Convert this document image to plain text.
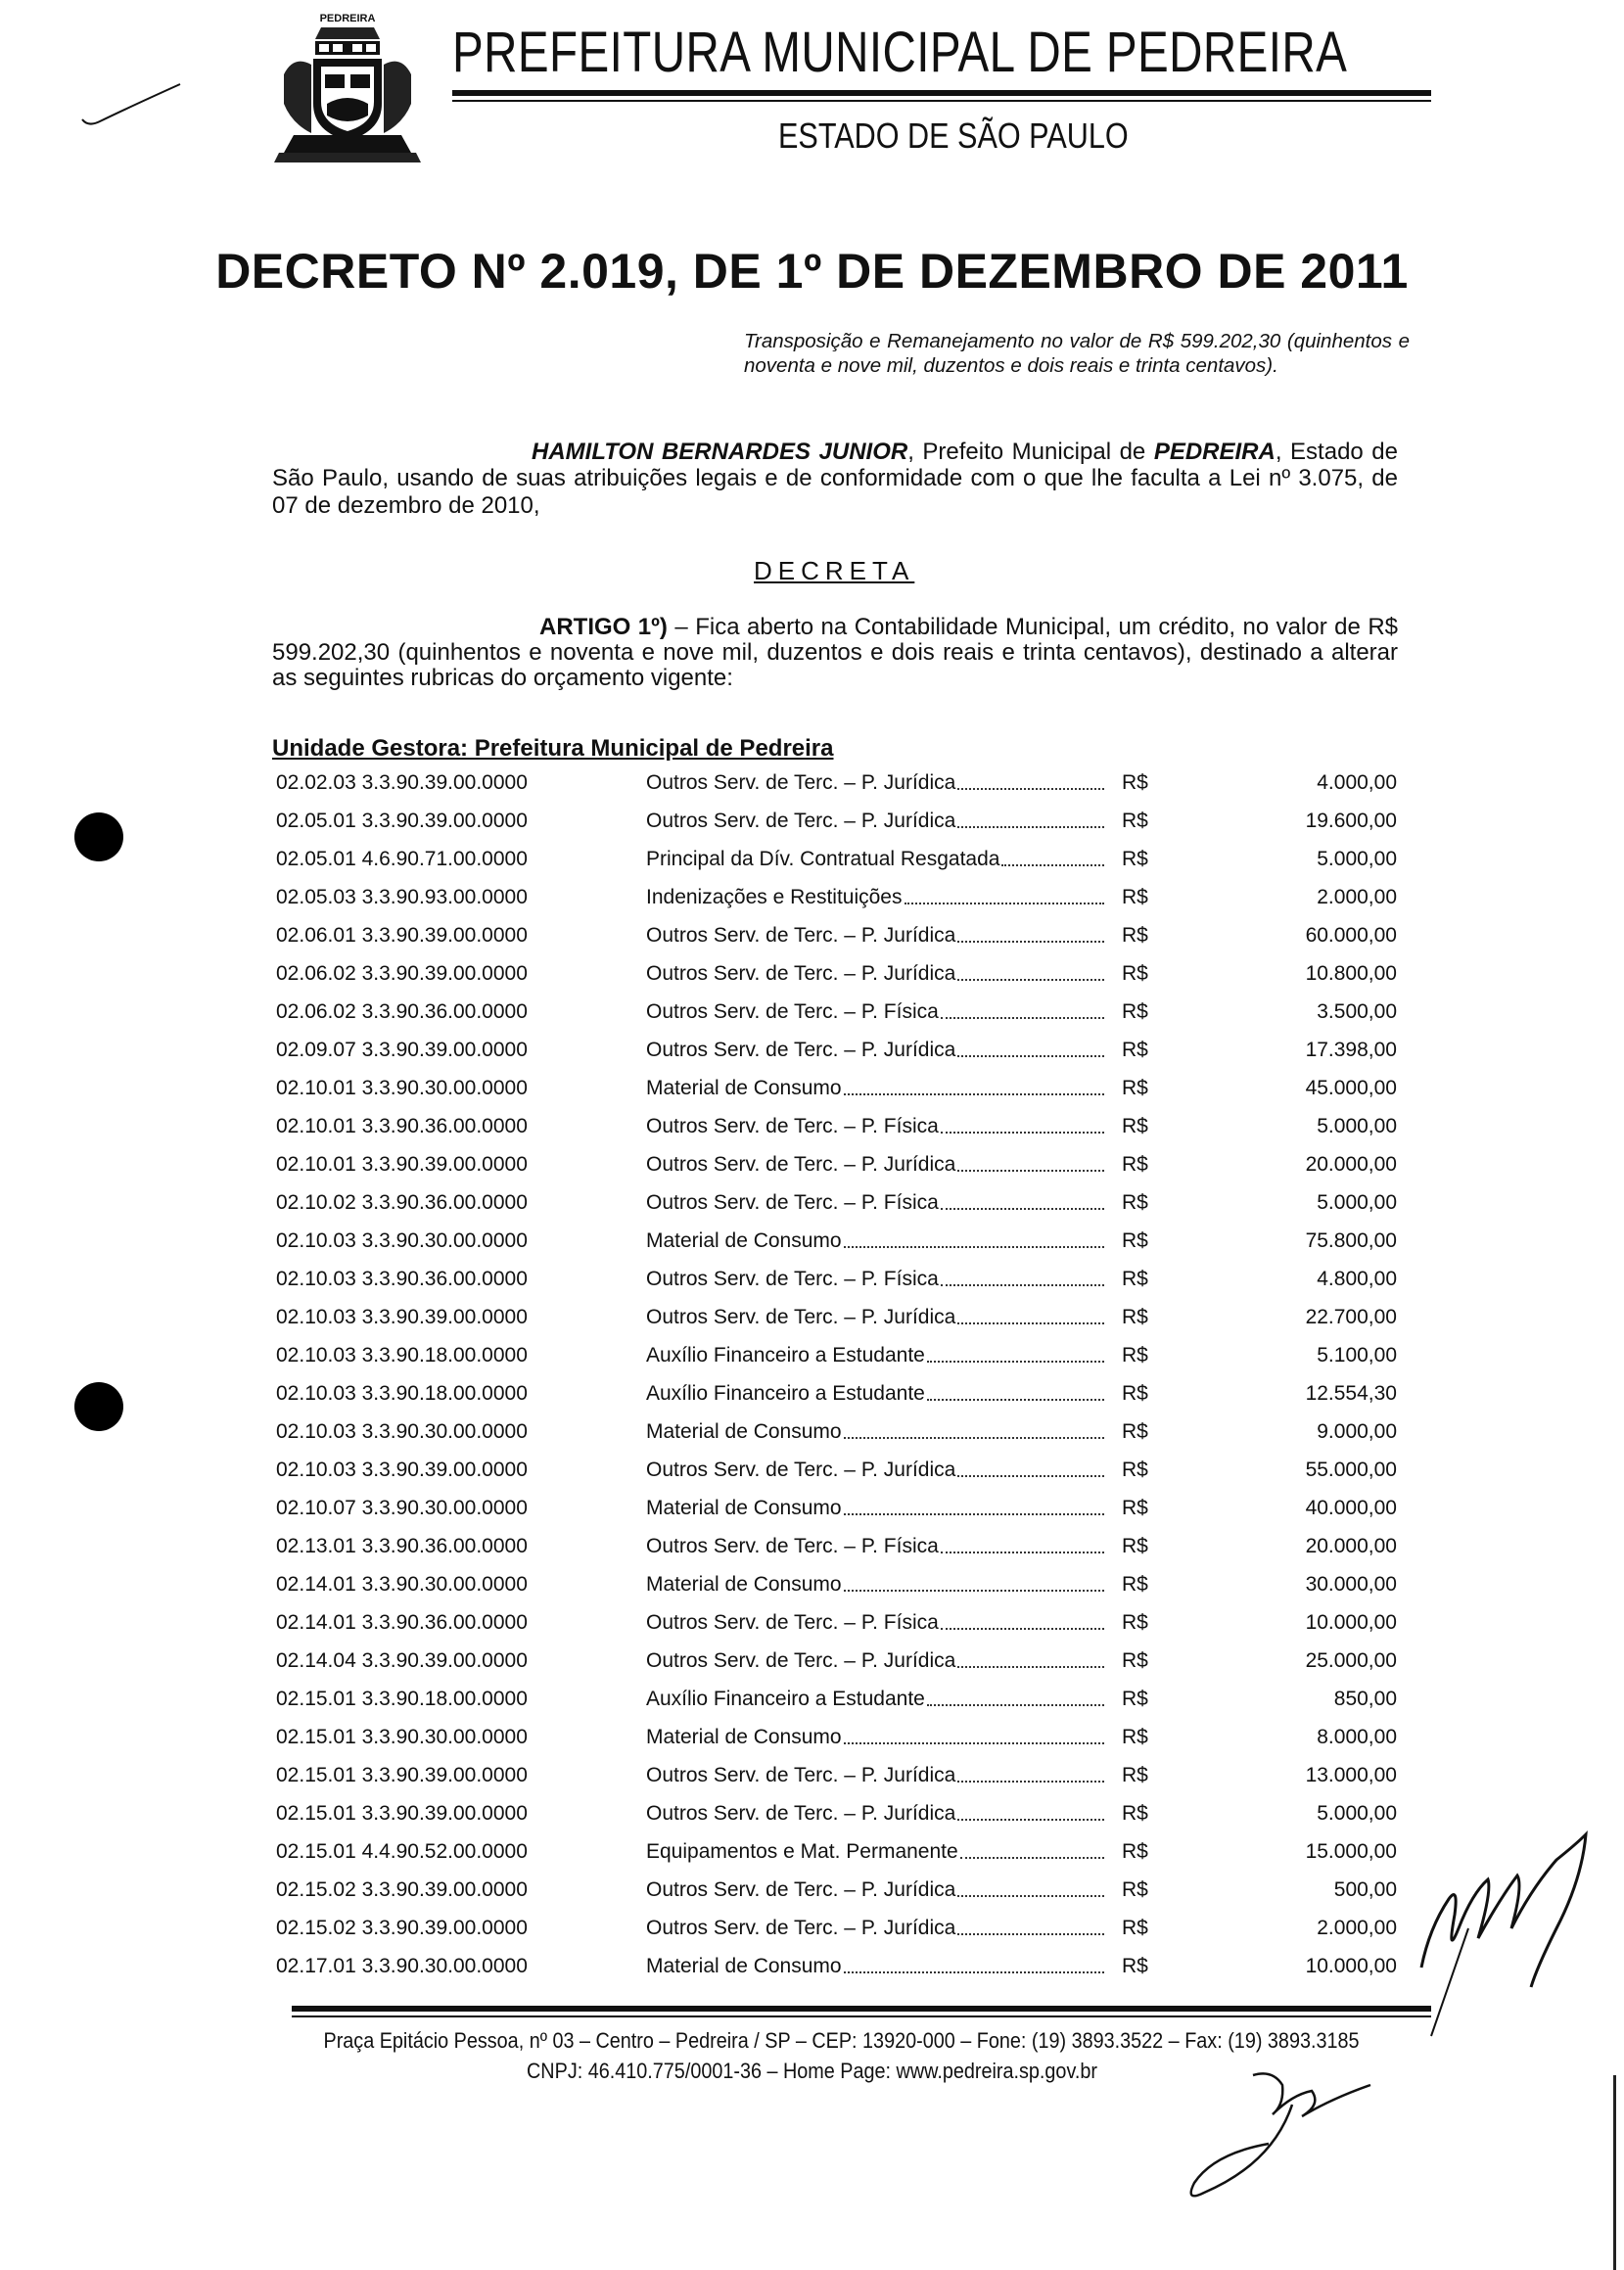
PEDREIRA
PREFEITURA MUNICIPAL DE PEDREIRA
ESTADO DE SÃO PAULO
DECRETO Nº 2.019, DE 1º DE DEZEMBRO DE 2011
Transposição e Remanejamento no valor de R$ 599.202,30 (quinhentos e noventa e nove mil, duzentos e dois reais e trinta centavos).
HAMILTON BERNARDES JUNIOR, Prefeito Municipal de PEDREIRA, Estado de São Paulo, usando de suas atribuições legais e de conformidade com o que lhe faculta a Lei nº 3.075, de 07 de dezembro de 2010,
DECRETA
ARTIGO 1º) – Fica aberto na Contabilidade Municipal, um crédito, no valor de R$ 599.202,30 (quinhentos e noventa e nove mil, duzentos e dois reais e trinta centavos), destinado a alterar as seguintes rubricas do orçamento vigente:
Unidade Gestora: Prefeitura Municipal de Pedreira
02.02.03 3.3.90.39.00.0000	Outros Serv. de Terc. – P. Jurídica	R$	4.000,00
02.05.01 3.3.90.39.00.0000	Outros Serv. de Terc. – P. Jurídica	R$	19.600,00
02.05.01 4.6.90.71.00.0000	Principal da Dív. Contratual Resgatada	R$	5.000,00
02.05.03 3.3.90.93.00.0000	Indenizações e Restituições	R$	2.000,00
02.06.01 3.3.90.39.00.0000	Outros Serv. de Terc. – P. Jurídica	R$	60.000,00
02.06.02 3.3.90.39.00.0000	Outros Serv. de Terc. – P. Jurídica	R$	10.800,00
02.06.02 3.3.90.36.00.0000	Outros Serv. de Terc. – P. Física	R$	3.500,00
02.09.07 3.3.90.39.00.0000	Outros Serv. de Terc. – P. Jurídica	R$	17.398,00
02.10.01 3.3.90.30.00.0000	Material de Consumo	R$	45.000,00
02.10.01 3.3.90.36.00.0000	Outros Serv. de Terc. – P. Física	R$	5.000,00
02.10.01 3.3.90.39.00.0000	Outros Serv. de Terc. – P. Jurídica	R$	20.000,00
02.10.02 3.3.90.36.00.0000	Outros Serv. de Terc. – P. Física	R$	5.000,00
02.10.03 3.3.90.30.00.0000	Material de Consumo	R$	75.800,00
02.10.03 3.3.90.36.00.0000	Outros Serv. de Terc. – P. Física	R$	4.800,00
02.10.03 3.3.90.39.00.0000	Outros Serv. de Terc. – P. Jurídica	R$	22.700,00
02.10.03 3.3.90.18.00.0000	Auxílio Financeiro a Estudante	R$	5.100,00
02.10.03 3.3.90.18.00.0000	Auxílio Financeiro a Estudante	R$	12.554,30
02.10.03 3.3.90.30.00.0000	Material de Consumo	R$	9.000,00
02.10.03 3.3.90.39.00.0000	Outros Serv. de Terc. – P. Jurídica	R$	55.000,00
02.10.07 3.3.90.30.00.0000	Material de Consumo	R$	40.000,00
02.13.01 3.3.90.36.00.0000	Outros Serv. de Terc. – P. Física	R$	20.000,00
02.14.01 3.3.90.30.00.0000	Material de Consumo	R$	30.000,00
02.14.01 3.3.90.36.00.0000	Outros Serv. de Terc. – P. Física	R$	10.000,00
02.14.04 3.3.90.39.00.0000	Outros Serv. de Terc. – P. Jurídica	R$	25.000,00
02.15.01 3.3.90.18.00.0000	Auxílio Financeiro a Estudante	R$	850,00
02.15.01 3.3.90.30.00.0000	Material de Consumo	R$	8.000,00
02.15.01 3.3.90.39.00.0000	Outros Serv. de Terc. – P. Jurídica	R$	13.000,00
02.15.01 3.3.90.39.00.0000	Outros Serv. de Terc. – P. Jurídica	R$	5.000,00
02.15.01 4.4.90.52.00.0000	Equipamentos e Mat. Permanente	R$	15.000,00
02.15.02 3.3.90.39.00.0000	Outros Serv. de Terc. – P. Jurídica	R$	500,00
02.15.02 3.3.90.39.00.0000	Outros Serv. de Terc. – P. Jurídica	R$	2.000,00
02.17.01 3.3.90.30.00.0000	Material de Consumo	R$	10.000,00
Praça Epitácio Pessoa, nº 03 – Centro – Pedreira / SP – CEP: 13920-000 – Fone: (19) 3893.3522 – Fax: (19) 3893.3185
CNPJ: 46.410.775/0001-36 – Home Page: www.pedreira.sp.gov.br
